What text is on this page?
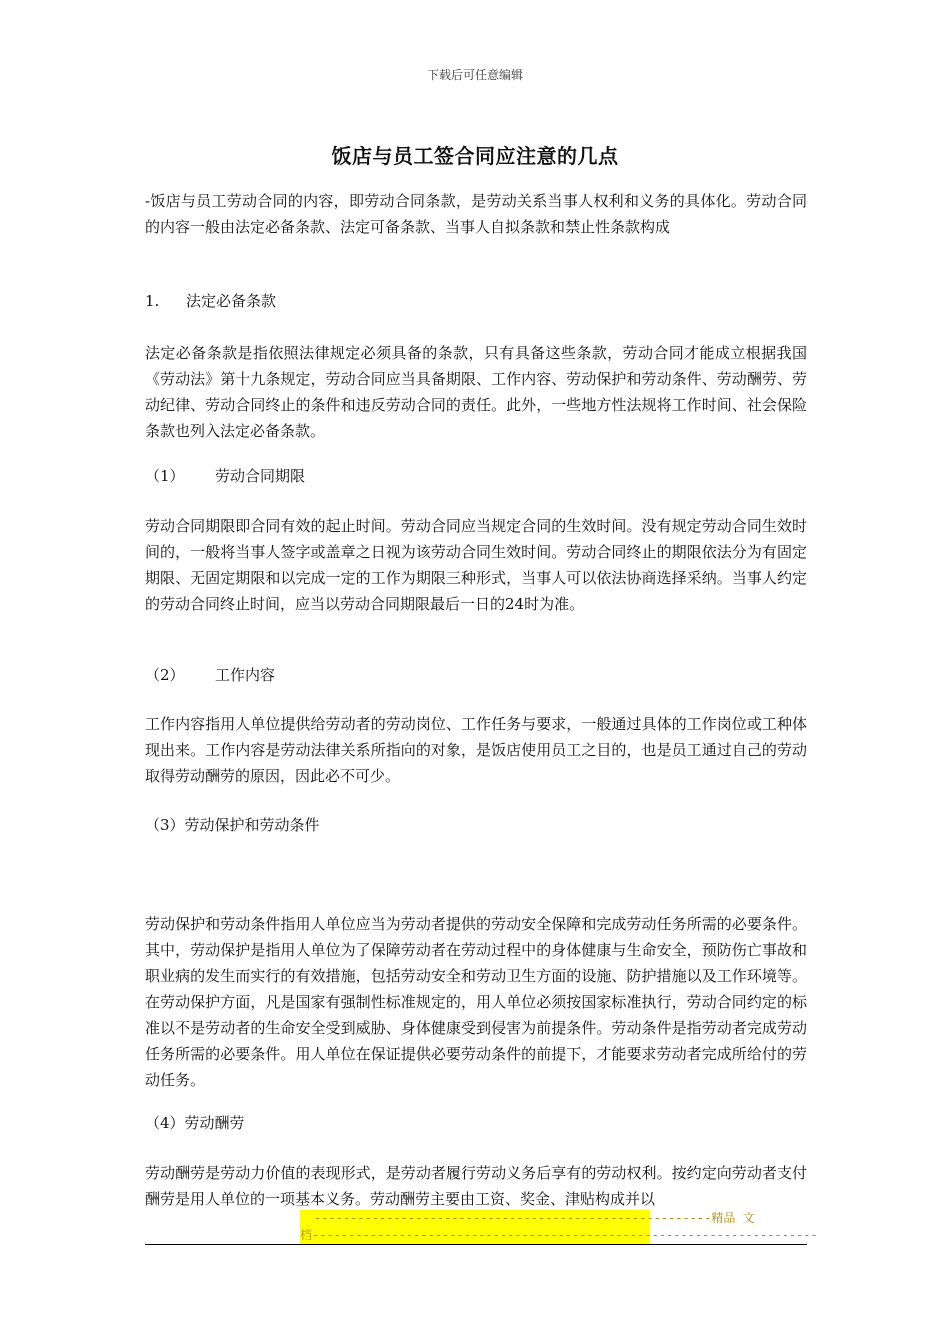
下载后可任意编辑
饭店与员工签合同应注意的几点

-饭店与员工劳动合同的内容，即劳动合同条款，是劳动关系当事人权利和义务的具体化。劳动合同的内容一般由法定必备条款、法定可备条款、当事人自拟条款和禁止性条款构成

1. 法定必备条款

法定必备条款是指依照法律规定必须具备的条款，只有具备这些条款，劳动合同才能成立根据我国《劳动法》第十九条规定，劳动合同应当具备期限、工作内容、劳动保护和劳动条件、劳动酬劳、劳动纪律、劳动合同终止的条件和违反劳动合同的责任。此外，一些地方性法规将工作时间、社会保险条款也列入法定必备条款。

（1） 劳动合同期限

劳动合同期限即合同有效的起止时间。劳动合同应当规定合同的生效时间。没有规定劳动合同生效时间的，一般将当事人签字或盖章之日视为该劳动合同生效时间。劳动合同终止的期限依法分为有固定期限、无固定期限和以完成一定的工作为期限三种形式，当事人可以依法协商选择采纳。当事人约定的劳动合同终止时间，应当以劳动合同期限最后一日的24时为准。

（2） 工作内容

工作内容指用人单位提供给劳动者的劳动岗位、工作任务与要求，一般通过具体的工作岗位或工种体现出来。工作内容是劳动法律关系所指向的对象，是饭店使用员工之目的，也是员工通过自己的劳动取得劳动酬劳的原因，因此必不可少。

（3）劳动保护和劳动条件

劳动保护和劳动条件指用人单位应当为劳动者提供的劳动安全保障和完成劳动任务所需的必要条件。其中，劳动保护是指用人单位为了保障劳动者在劳动过程中的身体健康与生命安全，预防伤亡事故和职业病的发生而实行的有效措施，包括劳动安全和劳动卫生方面的设施、防护措施以及工作环境等。在劳动保护方面，凡是国家有强制性标准规定的，用人单位必须按国家标准执行，劳动合同约定的标准以不是劳动者的生命安全受到威胁、身体健康受到侵害为前提条件。劳动条件是指劳动者完成劳动任务所需的必要条件。用人单位在保证提供必要劳动条件的前提下，才能要求劳动者完成所给付的劳动任务。

（4）劳动酬劳

劳动酬劳是劳动力价值的表现形式，是劳动者履行劳动义务后享有的劳动权利。按约定向劳动者支付酬劳是用人单位的一项基本义务。劳动酬劳主要由工资、奖金、津贴构成并以

-------------------------------------------------------精品 文
档----------------------------------------------------------------------
